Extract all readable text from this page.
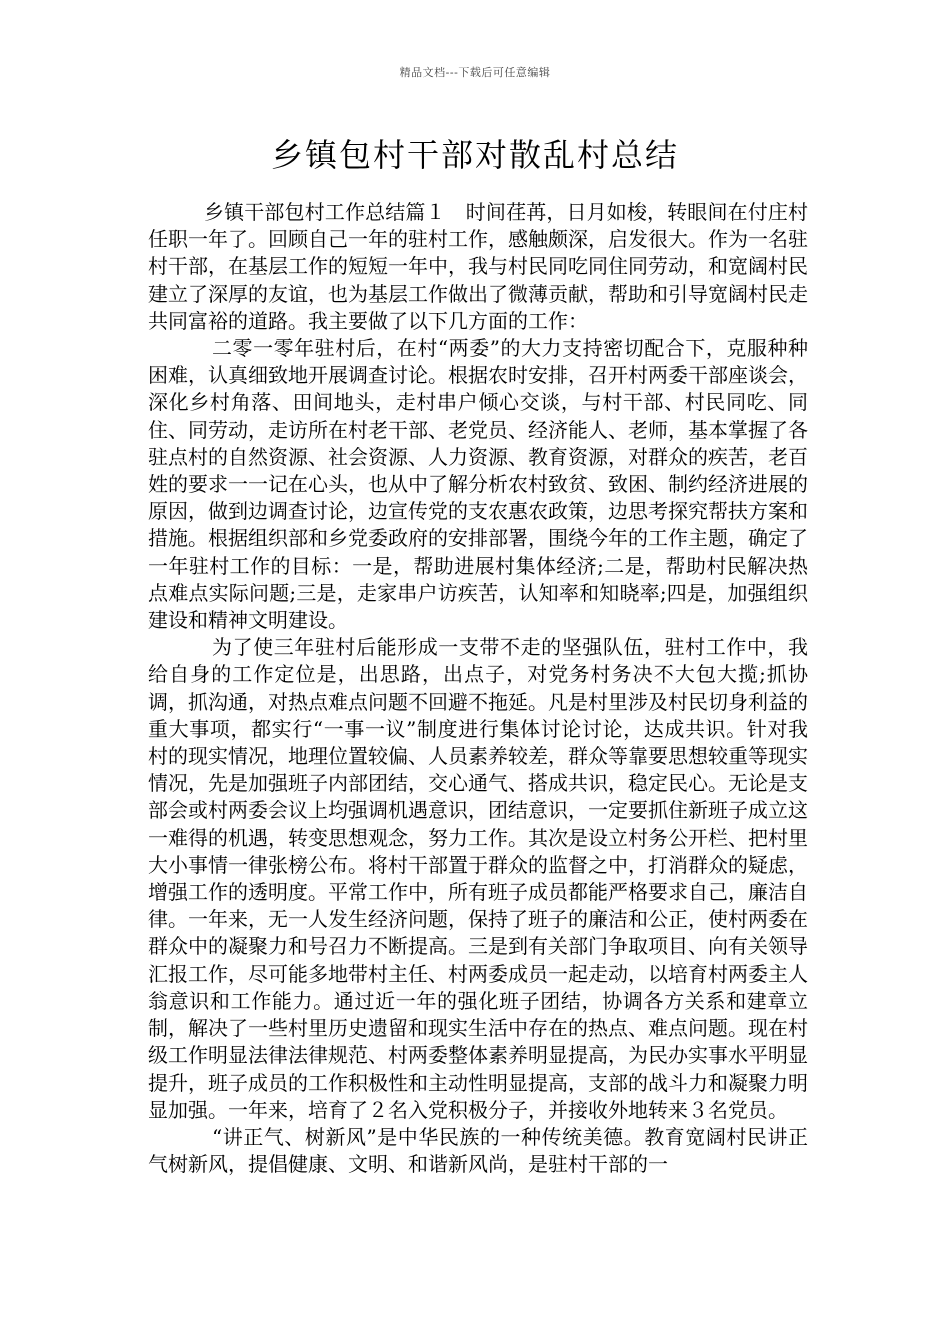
精品文档---下载后可任意编辑
乡镇包村干部对散乱村总结

乡镇干部包村工作总结篇１　时间荏苒，日月如梭，转眼间在付庄村任职一年了。回顾自己一年的驻村工作，感触颇深，启发很大。作为一名驻村干部，在基层工作的短短一年中，我与村民同吃同住同劳动，和宽阔村民建立了深厚的友谊，也为基层工作做出了微薄贡献，帮助和引导宽阔村民走共同富裕的道路。我主要做了以下几方面的工作：

二零一零年驻村后，在村“两委”的大力支持密切配合下，克服种种困难，认真细致地开展调查讨论。根据农时安排，召开村两委干部座谈会，深化乡村角落、田间地头，走村串户倾心交谈，与村干部、村民同吃、同住、同劳动，走访所在村老干部、老党员、经济能人、老师，基本掌握了各驻点村的自然资源、社会资源、人力资源、教育资源，对群众的疾苦，老百姓的要求一一记在心头，也从中了解分析农村致贫、致困、制约经济进展的原因，做到边调查讨论，边宣传党的支农惠农政策，边思考探究帮扶方案和措施。根据组织部和乡党委政府的安排部署，围绕今年的工作主题，确定了一年驻村工作的目标：一是，帮助进展村集体经济;二是，帮助村民解决热点难点实际问题;三是，走家串户访疾苦，认知率和知晓率;四是，加强组织建设和精神文明建设。

为了使三年驻村后能形成一支带不走的坚强队伍，驻村工作中，我给自身的工作定位是，出思路，出点子，对党务村务决不大包大揽;抓协调，抓沟通，对热点难点问题不回避不拖延。凡是村里涉及村民切身利益的重大事项，都实行“一事一议”制度进行集体讨论讨论，达成共识。针对我村的现实情况，地理位置较偏、人员素养较差，群众等靠要思想较重等现实情况，先是加强班子内部团结，交心通气、搭成共识，稳定民心。无论是支部会或村两委会议上均强调机遇意识，团结意识，一定要抓住新班子成立这一难得的机遇，转变思想观念，努力工作。其次是设立村务公开栏、把村里大小事情一律张榜公布。将村干部置于群众的监督之中，打消群众的疑虑，增强工作的透明度。平常工作中，所有班子成员都能严格要求自己，廉洁自律。一年来，无一人发生经济问题，保持了班子的廉洁和公正，使村两委在群众中的凝聚力和号召力不断提高。三是到有关部门争取项目、向有关领导汇报工作，尽可能多地带村主任、村两委成员一起走动，以培育村两委主人翁意识和工作能力。通过近一年的强化班子团结，协调各方关系和建章立制，解决了一些村里历史遗留和现实生活中存在的热点、难点问题。现在村级工作明显法律法律规范、村两委整体素养明显提高，为民办实事水平明显提升，班子成员的工作积极性和主动性明显提高，支部的战斗力和凝聚力明显加强。一年来，培育了２名入党积极分子，并接收外地转来３名党员。

“讲正气、树新风”是中华民族的一种传统美德。教育宽阔村民讲正气树新风，提倡健康、文明、和谐新风尚，是驻村干部的一
